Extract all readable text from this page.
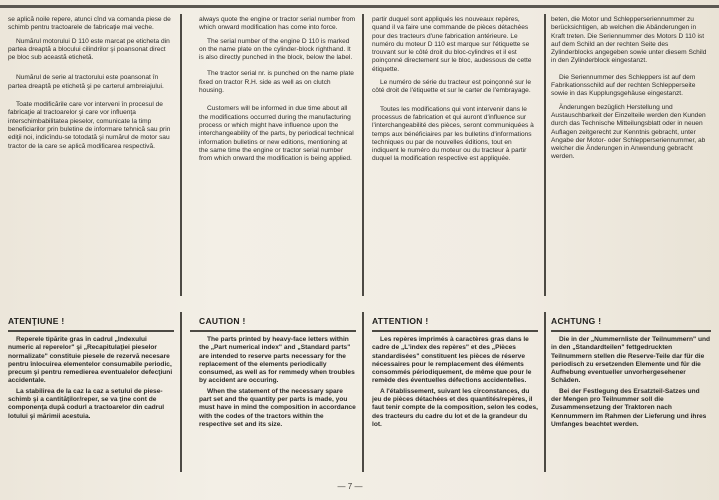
se aplică noile repere, atunci cînd va comanda piese de schimb pentru tractoarele de fabricaţie mai veche.

Numărul motorului D 110 este marcat pe eticheta din partea dreaptă a blocului cilindrilor şi poansonat direct pe bloc sub această etichetă.

Numărul de serie al tractorului este poansonat în partea dreaptă pe etichetă şi pe carterul ambreiajului.

Toate modificările care vor interveni în procesul de fabricaţie al tractoarelor şi care vor influenţa interschimbabilitatea pieselor, comunicate la timp beneficiarilor prin buletine de informare tehnică sau prin ediţii noi, indicîndu-se totodată şi numărul de motor sau tractor de la care se aplică modificarea respectivă.

always quote the engine or tractor serial number from which onward modification has come into force.

The serial number of the engine D 110 is marked on the name plate on the cylinder-block righthand. It is also directly punched in the block, below the label.

The tractor serial nr. is punched on the name plate fixed on tractor R.H. side as well as on clutch housing.

Customers will be informed in due time about all the modifications occurred during the manufacturing process or which might have influence upon the interchangeability of the parts, by periodical technical information bulletins or new editions, mentioning at the same time the engine or tractor serial number from which onward the modification is being applied.

partir duquel sont appliqués les nouveaux repères, quand il va faire une commande de pièces détachées pour des tracteurs d'une fabrication antérieure. Le numéro du moteur D 110 est marque sur l'étiquette se trouvant sur le côté droit du bloc-cylindres et il est poinçonné directement sur le bloc, audessous de cette étiquette.

Le numéro de série du tracteur est poinçonné sur le côté droit de l'étiquette et sur le carter de l'embrayage.

Toutes les modifications qui vont intervenir dans le processus de fabrication et qui auront d'influence sur l'interchangeabilité des pièces, seront communiquées à temps aux bénéficiaires par les bulletins d'informations techniques ou par de nouvelles éditions, tout en indiquent le numéro du moteur ou du tracteur à partir duquel la modification respective est appliquée.

beten, die Motor und Schlepperseriennummer zu berücksichtigen, ab welchen die Abänderungen in Kraft treten. Die Seriennummer des Motors D 110 ist auf dem Schild an der rechten Seite des Zylinderblocks angegeben sowie unter diesem Schild in den Zylinderblock eingestanzt.

Die Seriennummer des Schleppers ist auf dem Fabrikationsschild auf der rechten Schlepperseite sowie in das Kupplungsgehäuse eingestanzt.

Änderungen bezüglich Herstellung und Austauschbarkeit der Einzelteile werden den Kunden durch das Technische Mitteilungsblatt oder in neuen Auflagen zeitgerecht zur Kenntnis gebracht, unter Angabe der Motor- oder Schlepperseriennummer, ab welcher die Änderungen in Anwendung gebracht werden.

ATENŢIUNE !	CAUTION !	ATTENTION !	ACHTUNG !

Reperele tipărite gras în cadrul „Indexului numeric al reperelor" şi „Recapitulaţiei pieselor normalizate" constituie piesele de rezervă necesare pentru înlocuirea elementelor consumabile periodic, precum şi pentru remedierea eventualelor defecţiuni accidentale.

La stabilirea de la caz la caz a setului de piese-schimb şi a cantităţilor/reper, se va ţine cont de componenţa după codurl a tractoarelor din cadrul lotului şi mărimii acestuia.

The parts printed by heavy-face letters within the „Part numerical index" and „Standard parts" are intended to reserve parts necessary for the replacement of the elements periodically consumed, as well as for remmedy when troubles by accident are occuring.

When the statement of the necessary spare part set and the quantity per parts is made, you must have in mind the composition in accordance with the codes of the tractors within the respective set and its size.

Les repères imprimés à caractères gras dans le cadre de „L'index des repères" et des „Pièces standardisées" constituent les pièces de réserve nécessaires pour le remplacement des éléments consommés périodiquement, de même que pour le remède des éventuelles défections accidentelles.

A l'établissement, suivant les circonstances, du jeu de pièces détachées et des quantités/repères, il faut tenir compte de la composition, selon les codes, des tracteurs du cadre du lot et de la grandeur du lot.

Die in der „Nummernliste der Teilnummern" und in den „Standardteilen" fettgedruckten Teilnummern stellen die Reserve-Teile dar für die periodisch zu ersetzenden Elemente und für die Aufhebung eventueller unvorhergesehener Schäden.

Bei der Festlegung des Ersatzteil-Satzes und der Mengen pro Teilnummer soll die Zusammensetzung der Traktoren nach Kennummern im Rahmen der Lieferung und ihres Umfanges beachtet werden.

— 7 —
